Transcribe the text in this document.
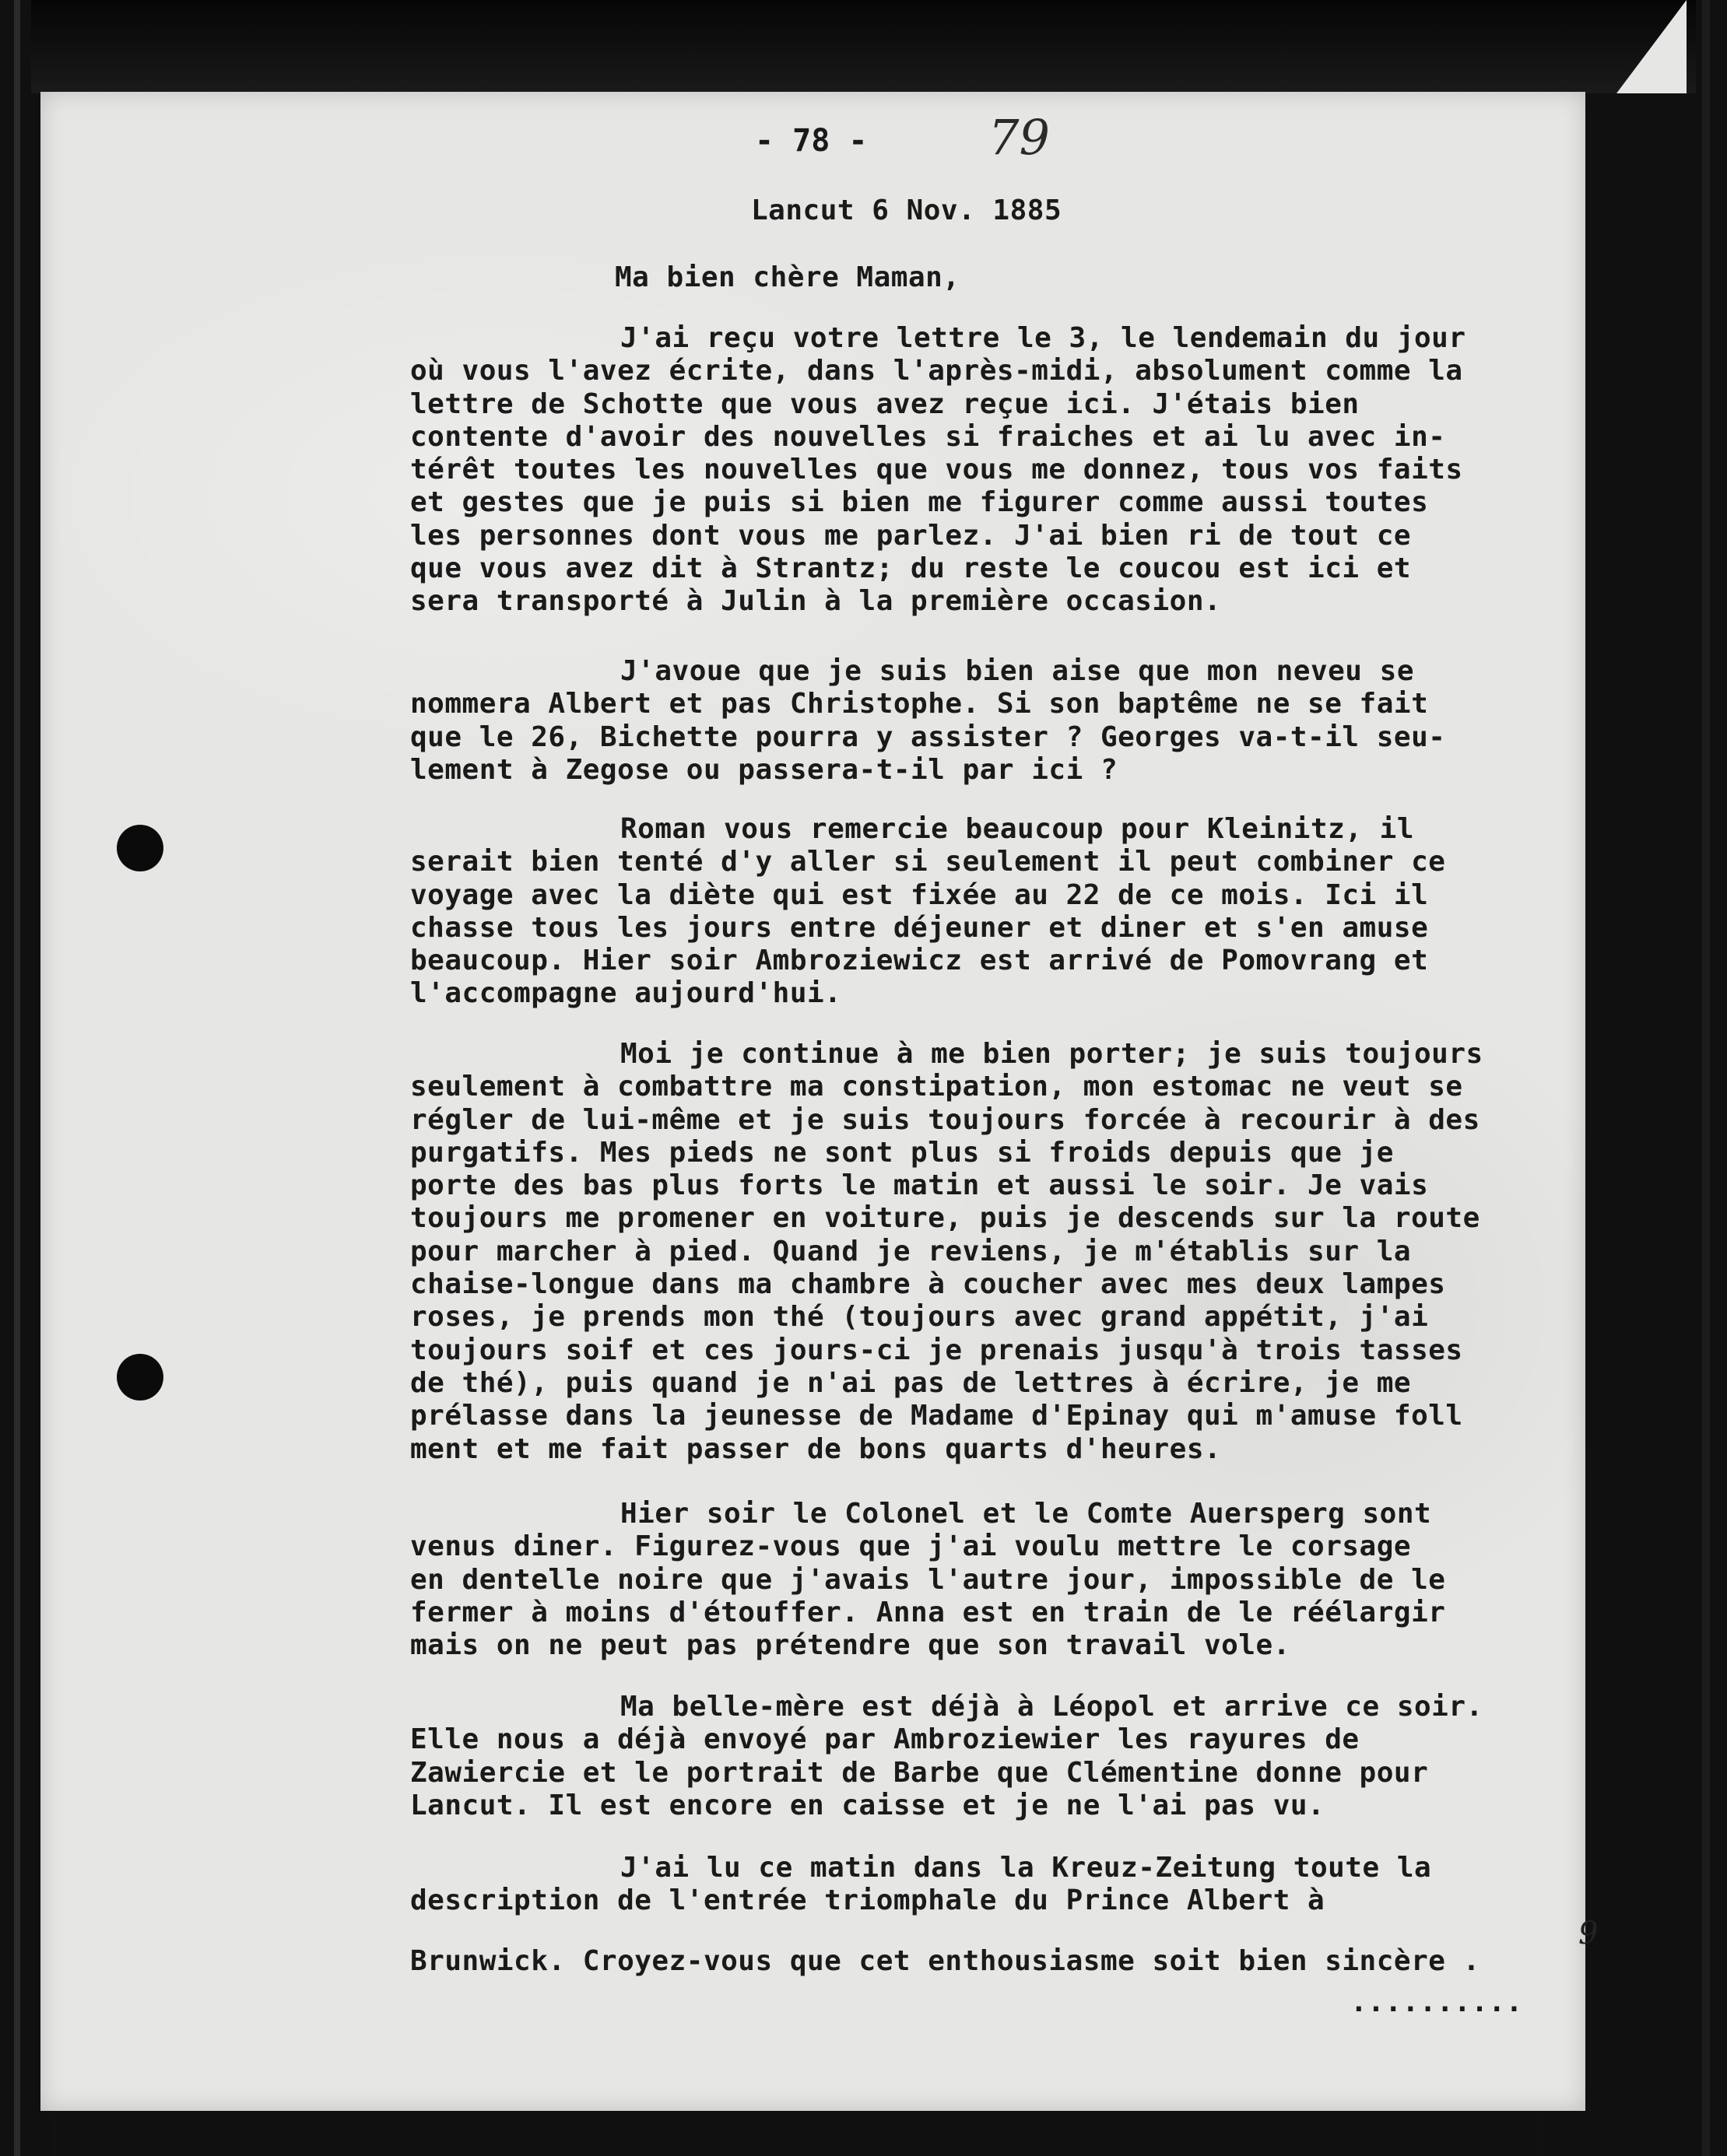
- 78 -	79
Lancut 6 Nov. 1885
Ma bien chère Maman,
J'ai reçu votre lettre le 3, le lendemain du jour
où vous l'avez écrite, dans l'après-midi, absolument comme la
lettre de Schotte que vous avez reçue ici. J'étais bien
contente d'avoir des nouvelles si fraiches et ai lu avec in-
térêt toutes les nouvelles que vous me donnez, tous vos faits
et gestes que je puis si bien me figurer comme aussi toutes
les personnes dont vous me parlez. J'ai bien ri de tout ce
que vous avez dit à Strantz; du reste le coucou est ici et
sera transporté à Julin à la première occasion.
J'avoue que je suis bien aise que mon neveu se
nommera Albert et pas Christophe. Si son baptême ne se fait
que le 26, Bichette pourra y assister ? Georges va-t-il seu-
lement à Zegose ou passera-t-il par ici ?
Roman vous remercie beaucoup pour Kleinitz, il
serait bien tenté d'y aller si seulement il peut combiner ce
voyage avec la diète qui est fixée au 22 de ce mois. Ici il
chasse tous les jours entre déjeuner et diner et s'en amuse
beaucoup. Hier soir Ambroziewicz est arrivé de Pomovrang et
l'accompagne aujourd'hui.
Moi je continue à me bien porter; je suis toujours
seulement à combattre ma constipation, mon estomac ne veut se
régler de lui-même et je suis toujours forcée à recourir à des
purgatifs. Mes pieds ne sont plus si froids depuis que je
porte des bas plus forts le matin et aussi le soir. Je vais
toujours me promener en voiture, puis je descends sur la route
pour marcher à pied. Quand je reviens, je m'établis sur la
chaise-longue dans ma chambre à coucher avec mes deux lampes
roses, je prends mon thé (toujours avec grand appétit, j'ai
toujours soif et ces jours-ci je prenais jusqu'à trois tasses
de thé), puis quand je n'ai pas de lettres à écrire, je me
prélasse dans la jeunesse de Madame d'Epinay qui m'amuse foll
ment et me fait passer de bons quarts d'heures.
Hier soir le Colonel et le Comte Auersperg sont
venus diner. Figurez-vous que j'ai voulu mettre le corsage
en dentelle noire que j'avais l'autre jour, impossible de le
fermer à moins d'étouffer. Anna est en train de le réélargir
mais on ne peut pas prétendre que son travail vole.
Ma belle-mère est déjà à Léopol et arrive ce soir.
Elle nous a déjà envoyé par Ambroziewier les rayures de
Zawiercie et le portrait de Barbe que Clémentine donne pour
Lancut. Il est encore en caisse et je ne l'ai pas vu.
J'ai lu ce matin dans la Kreuz-Zeitung toute la
description de l'entrée triomphale du Prince Albert à
Brunwick. Croyez-vous que cet enthousiasme soit bien sincère .
9
..........
